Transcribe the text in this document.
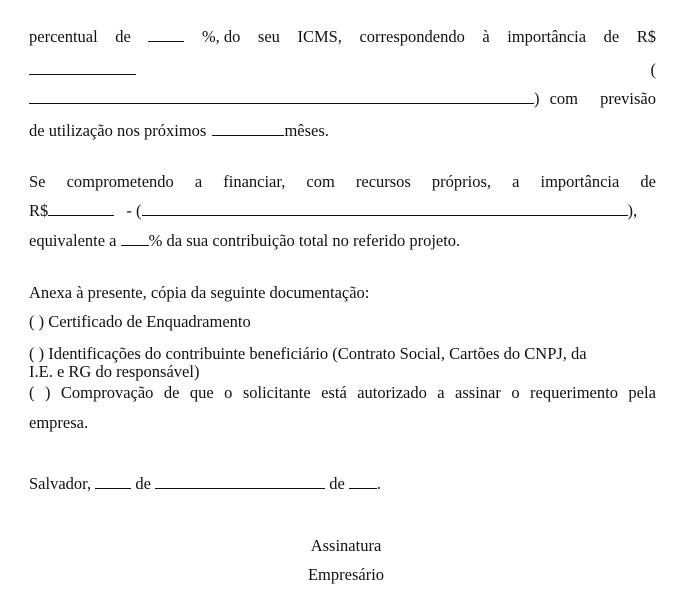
percentual de	%, do seu ICMS, correspondendo à importância de R$
(
) com previsão
de utilização nos próximos	mêses.
Se comprometendo a financiar, com recursos próprios, a importância de
R$	- (	),
equivalente a % da sua contribuição total no referido projeto.
Anexa à presente, cópia da seguinte documentação:
( ) Certificado de Enquadramento
( ) Identificações do contribuinte beneficiário (Contrato Social, Cartões do CNPJ, da
I.E. e RG do responsável)
( ) Comprovação de que o solicitante está autorizado a assinar o requerimento pela
empresa.
Salvador,	de	de .
Assinatura
Empresário
